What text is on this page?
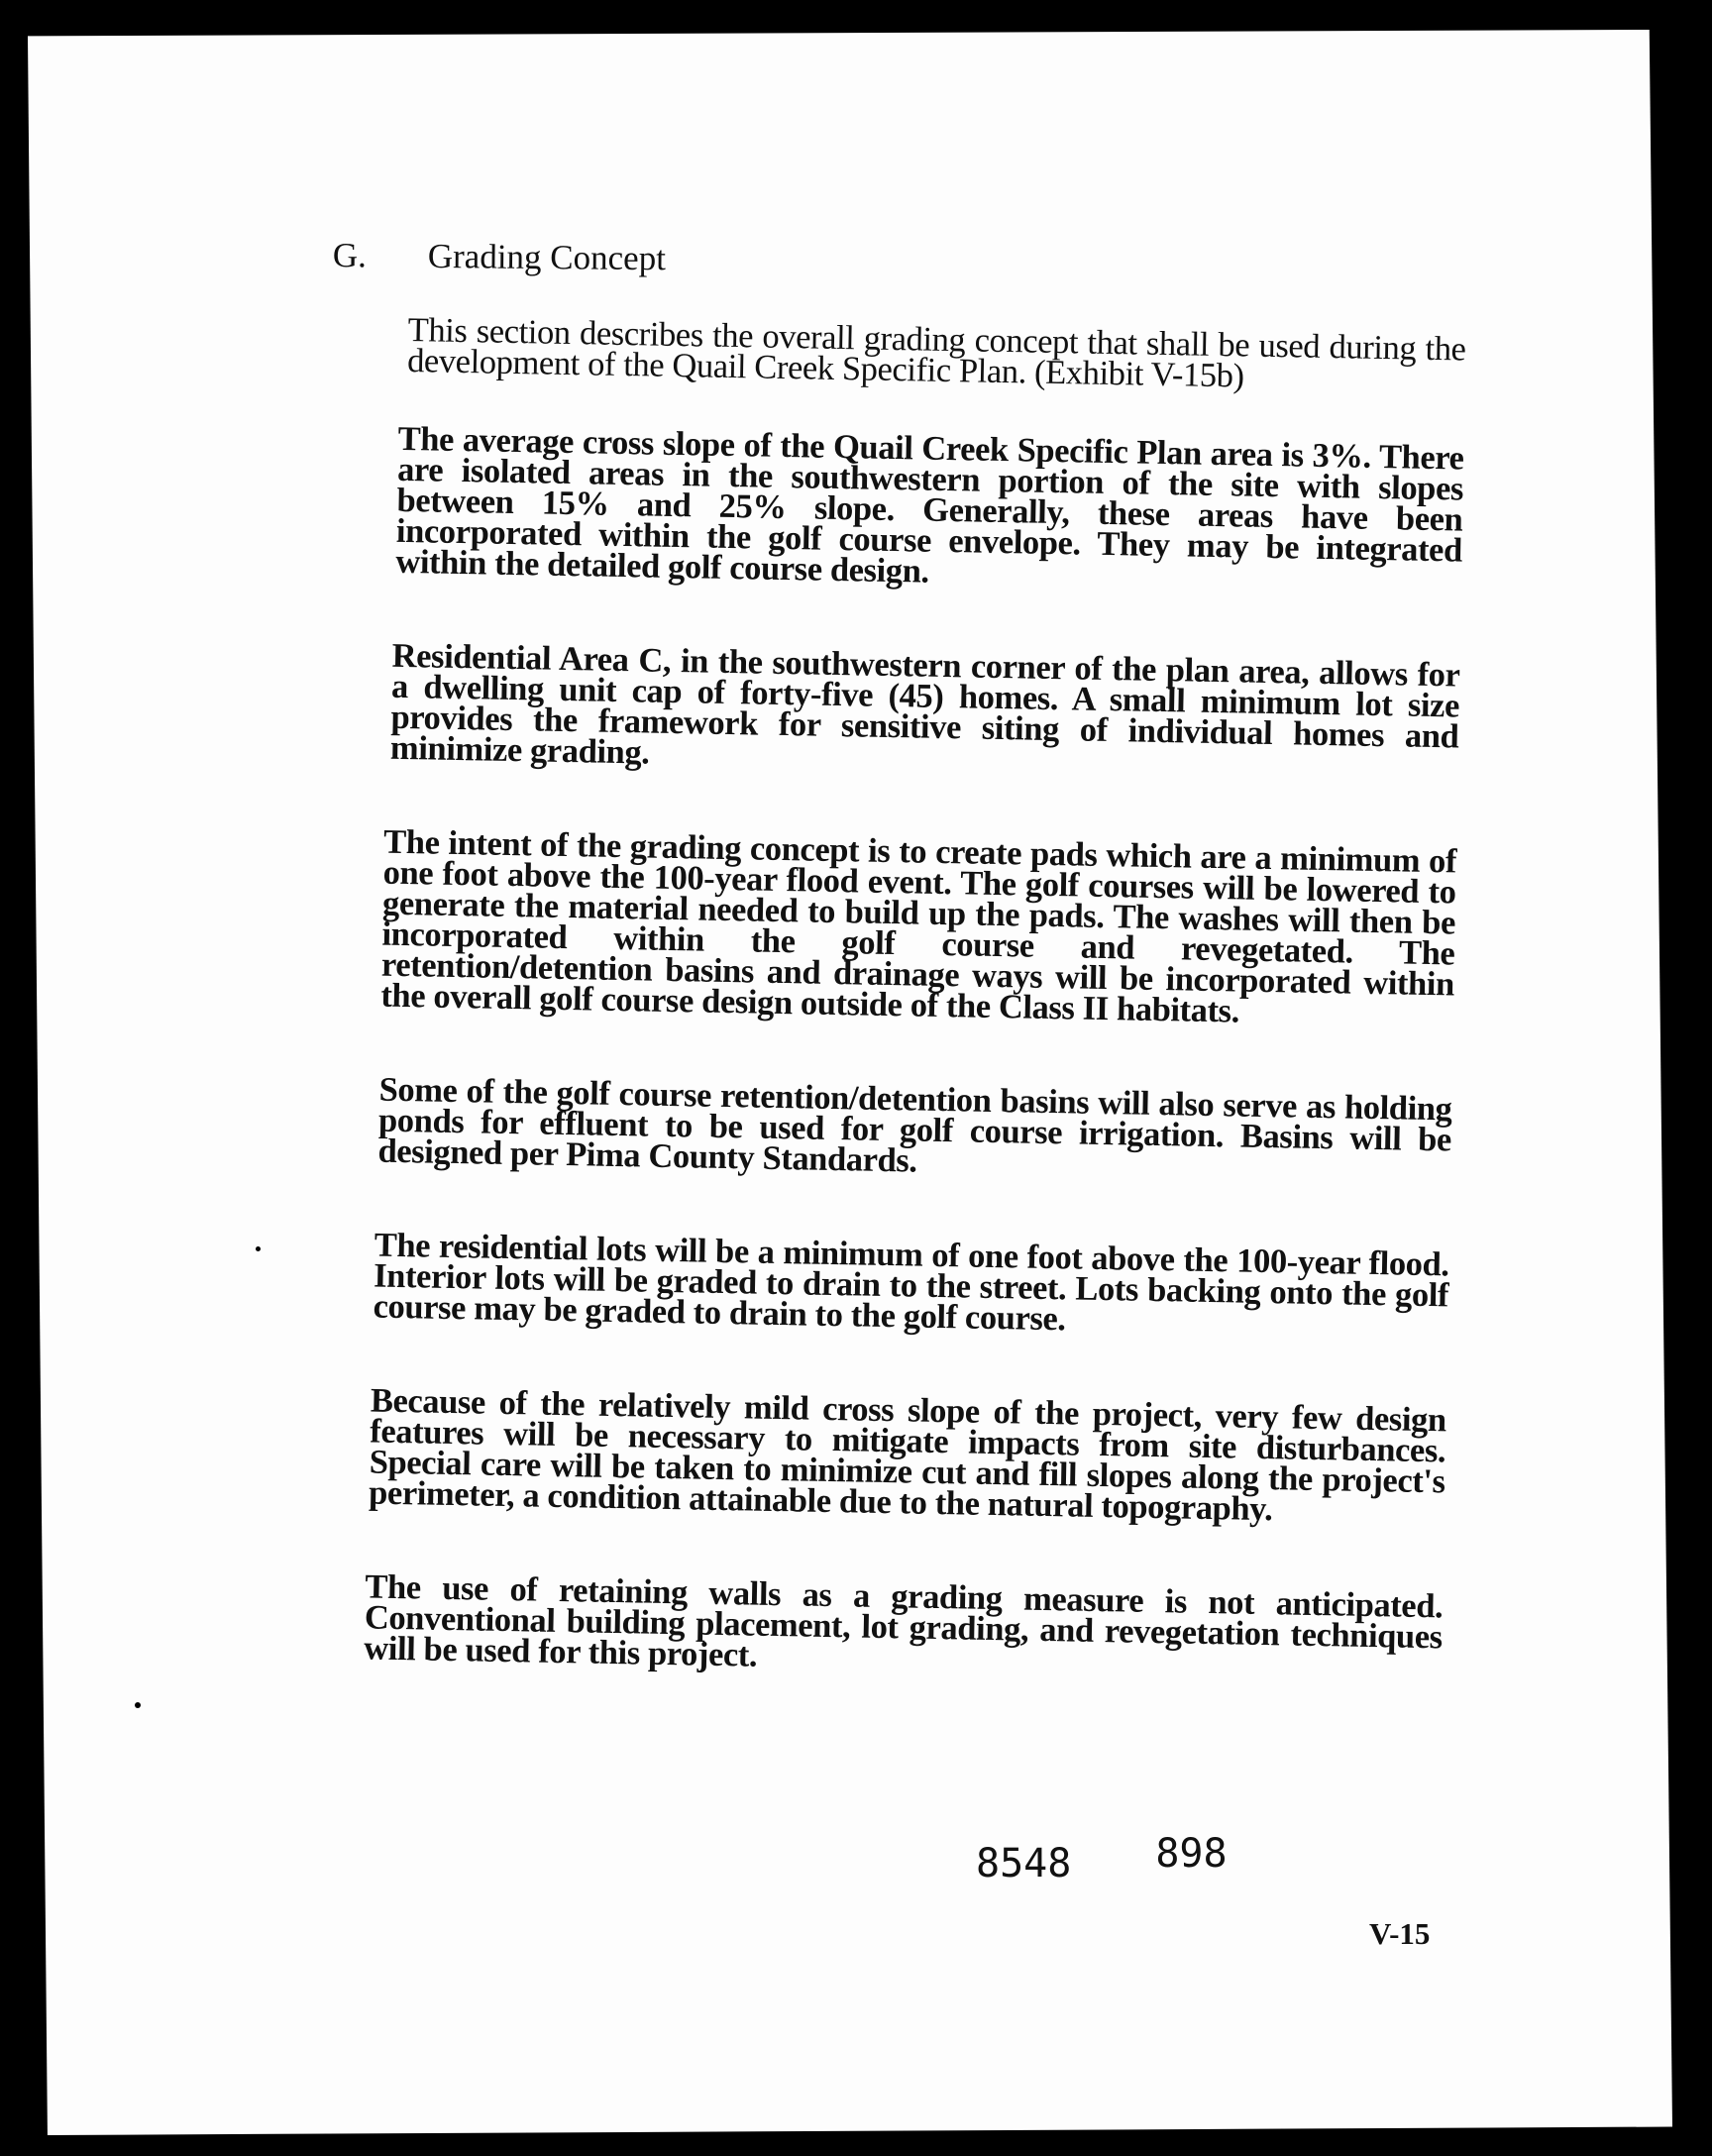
G. Grading Concept

This section describes the overall grading concept that shall be used during the development of the Quail Creek Specific Plan. (Exhibit V-15b)

The average cross slope of the Quail Creek Specific Plan area is 3%. There are isolated areas in the southwestern portion of the site with slopes between 15% and 25% slope. Generally, these areas have been incorporated within the golf course envelope. They may be integrated within the detailed golf course design.

Residential Area C, in the southwestern corner of the plan area, allows for a dwelling unit cap of forty-five (45) homes. A small minimum lot size provides the framework for sensitive siting of individual homes and minimize grading.

The intent of the grading concept is to create pads which are a minimum of one foot above the 100-year flood event. The golf courses will be lowered to generate the material needed to build up the pads. The washes will then be incorporated within the golf course and revegetated. The retention/detention basins and drainage ways will be incorporated within the overall golf course design outside of the Class II habitats.

Some of the golf course retention/detention basins will also serve as holding ponds for effluent to be used for golf course irrigation. Basins will be designed per Pima County Standards.

The residential lots will be a minimum of one foot above the 100-year flood. Interior lots will be graded to drain to the street. Lots backing onto the golf course may be graded to drain to the golf course.

Because of the relatively mild cross slope of the project, very few design features will be necessary to mitigate impacts from site disturbances. Special care will be taken to minimize cut and fill slopes along the project's perimeter, a condition attainable due to the natural topography.

The use of retaining walls as a grading measure is not anticipated. Conventional building placement, lot grading, and revegetation techniques will be used for this project.

8548 898
V-15
